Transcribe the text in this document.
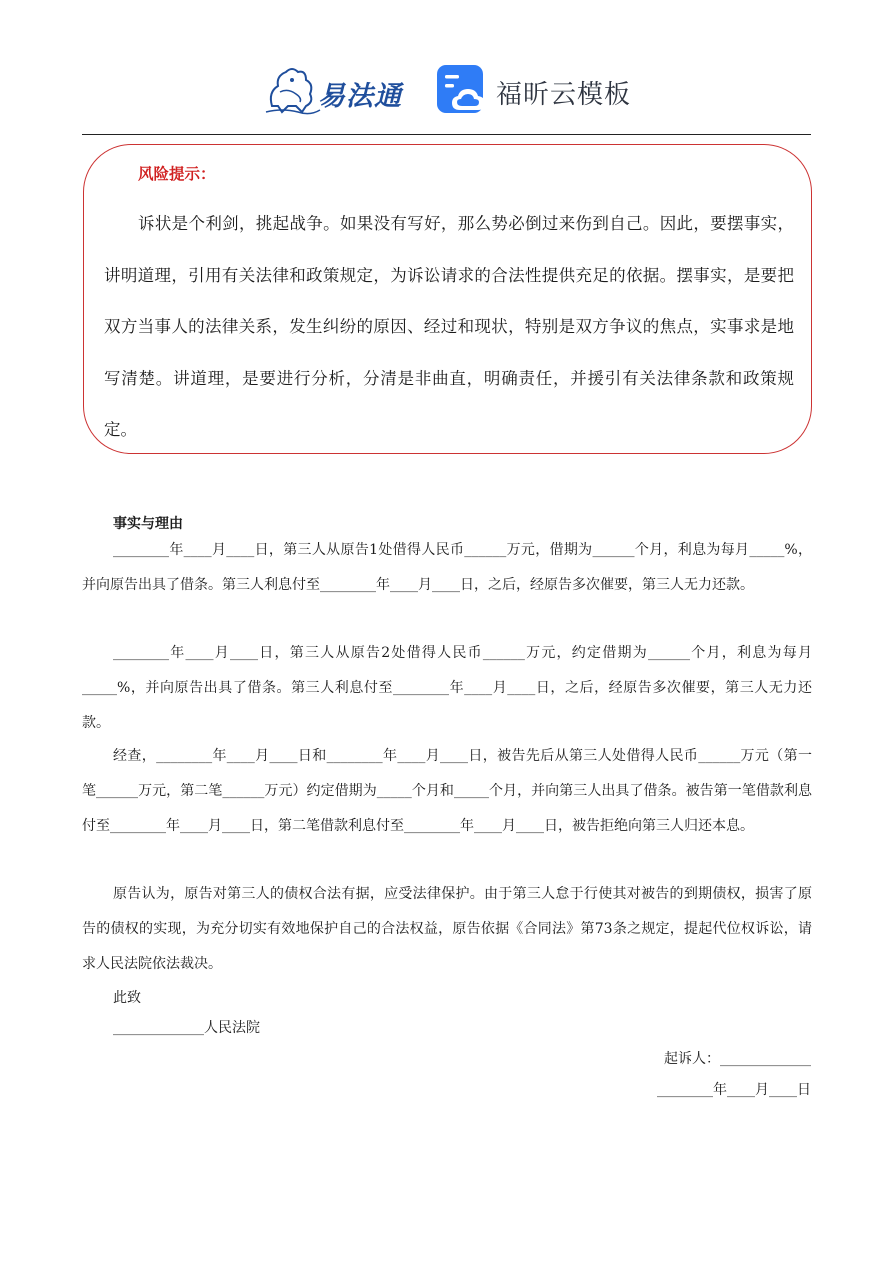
易法通	福昕云模板
风险提示：

诉状是个利剑，挑起战争。如果没有写好，那么势必倒过来伤到自己。因此，要摆事实，讲明道理，引用有关法律和政策规定，为诉讼请求的合法性提供充足的依据。摆事实，是要把双方当事人的法律关系，发生纠纷的原因、经过和现状，特别是双方争议的焦点，实事求是地写清楚。讲道理，是要进行分析，分清是非曲直，明确责任，并援引有关法律条款和政策规定。

事实与理由

________年____月____日，第三人从原告1处借得人民币______万元，借期为______个月，利息为每月_____%，并向原告出具了借条。第三人利息付至________年____月____日，之后，经原告多次催要，第三人无力还款。

________年____月____日，第三人从原告2处借得人民币______万元，约定借期为______个月，利息为每月_____%，并向原告出具了借条。第三人利息付至________年____月____日，之后，经原告多次催要，第三人无力还款。

经查，________年____月____日和________年____月____日，被告先后从第三人处借得人民币______万元（第一笔______万元，第二笔______万元）约定借期为_____个月和_____个月，并向第三人出具了借条。被告第一笔借款利息付至________年____月____日，第二笔借款利息付至________年____月____日，被告拒绝向第三人归还本息。

原告认为，原告对第三人的债权合法有据，应受法律保护。由于第三人怠于行使其对被告的到期债权，损害了原告的债权的实现，为充分切实有效地保护自己的合法权益，原告依据《合同法》第73条之规定，提起代位权诉讼，请求人民法院依法裁决。

此致
_____________人民法院
起诉人：_____________
________年____月____日
